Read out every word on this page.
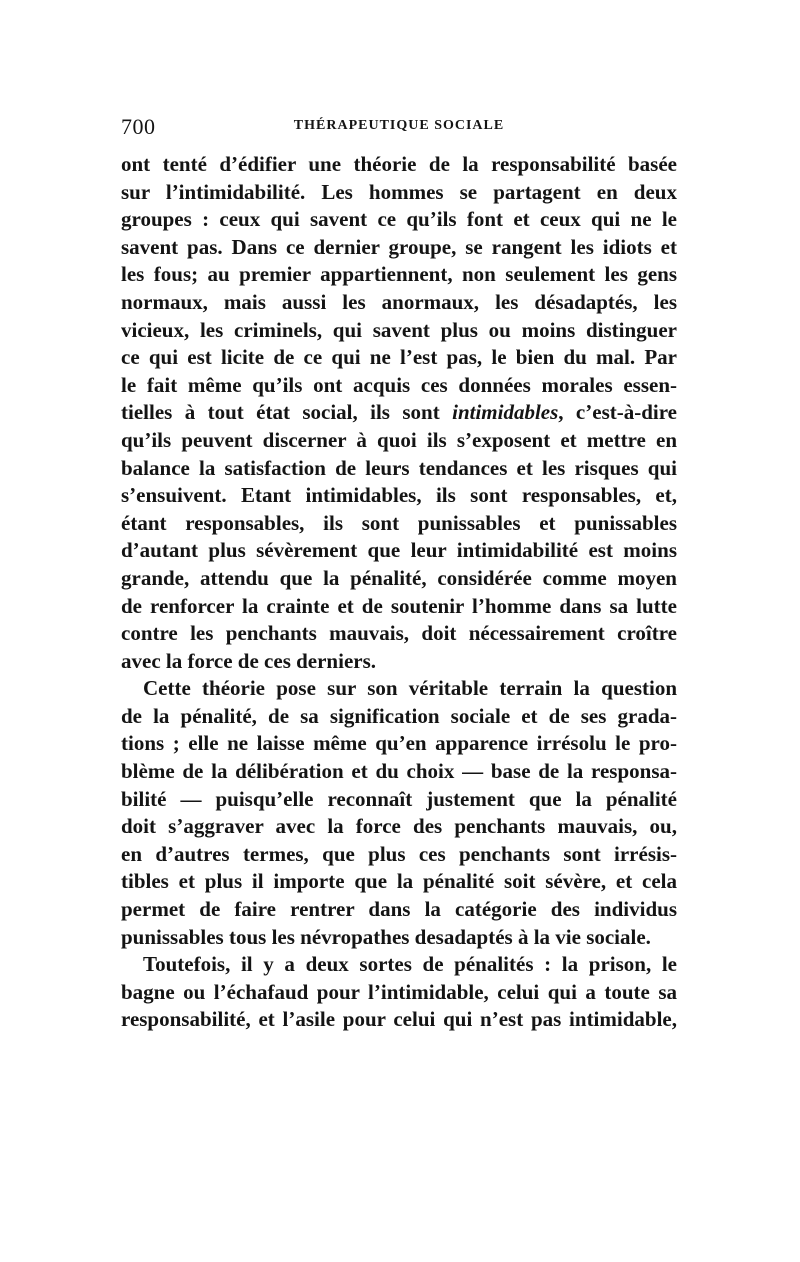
700	THÉRAPEUTIQUE SOCIALE
ont tenté d’édifier une théorie de la responsabilité basée
sur l’intimidabilité. Les hommes se partagent en deux
groupes : ceux qui savent ce qu’ils font et ceux qui ne le
savent pas. Dans ce dernier groupe, se rangent les idiots et
les fous; au premier appartiennent, non seulement les gens
normaux, mais aussi les anormaux, les désadaptés, les
vicieux, les criminels, qui savent plus ou moins distinguer
ce qui est licite de ce qui ne l’est pas, le bien du mal. Par
le fait même qu’ils ont acquis ces données morales essen-
tielles à tout état social, ils sont intimidables, c’est-à-dire
qu’ils peuvent discerner à quoi ils s’exposent et mettre en
balance la satisfaction de leurs tendances et les risques qui
s’ensuivent. Etant intimidables, ils sont responsables, et,
étant responsables, ils sont punissables et punissables
d’autant plus sévèrement que leur intimidabilité est moins
grande, attendu que la pénalité, considérée comme moyen
de renforcer la crainte et de soutenir l’homme dans sa lutte
contre les penchants mauvais, doit nécessairement croître
avec la force de ces derniers.
Cette théorie pose sur son véritable terrain la question
de la pénalité, de sa signification sociale et de ses grada-
tions ; elle ne laisse même qu’en apparence irrésolu le pro-
blème de la délibération et du choix — base de la responsa-
bilité — puisqu’elle reconnaît justement que la pénalité
doit s’aggraver avec la force des penchants mauvais, ou,
en d’autres termes, que plus ces penchants sont irrésis-
tibles et plus il importe que la pénalité soit sévère, et cela
permet de faire rentrer dans la catégorie des individus
punissables tous les névropathes desadaptés à la vie sociale.
Toutefois, il y a deux sortes de pénalités : la prison, le
bagne ou l’échafaud pour l’intimidable, celui qui a toute sa
responsabilité, et l’asile pour celui qui n’est pas intimidable,
